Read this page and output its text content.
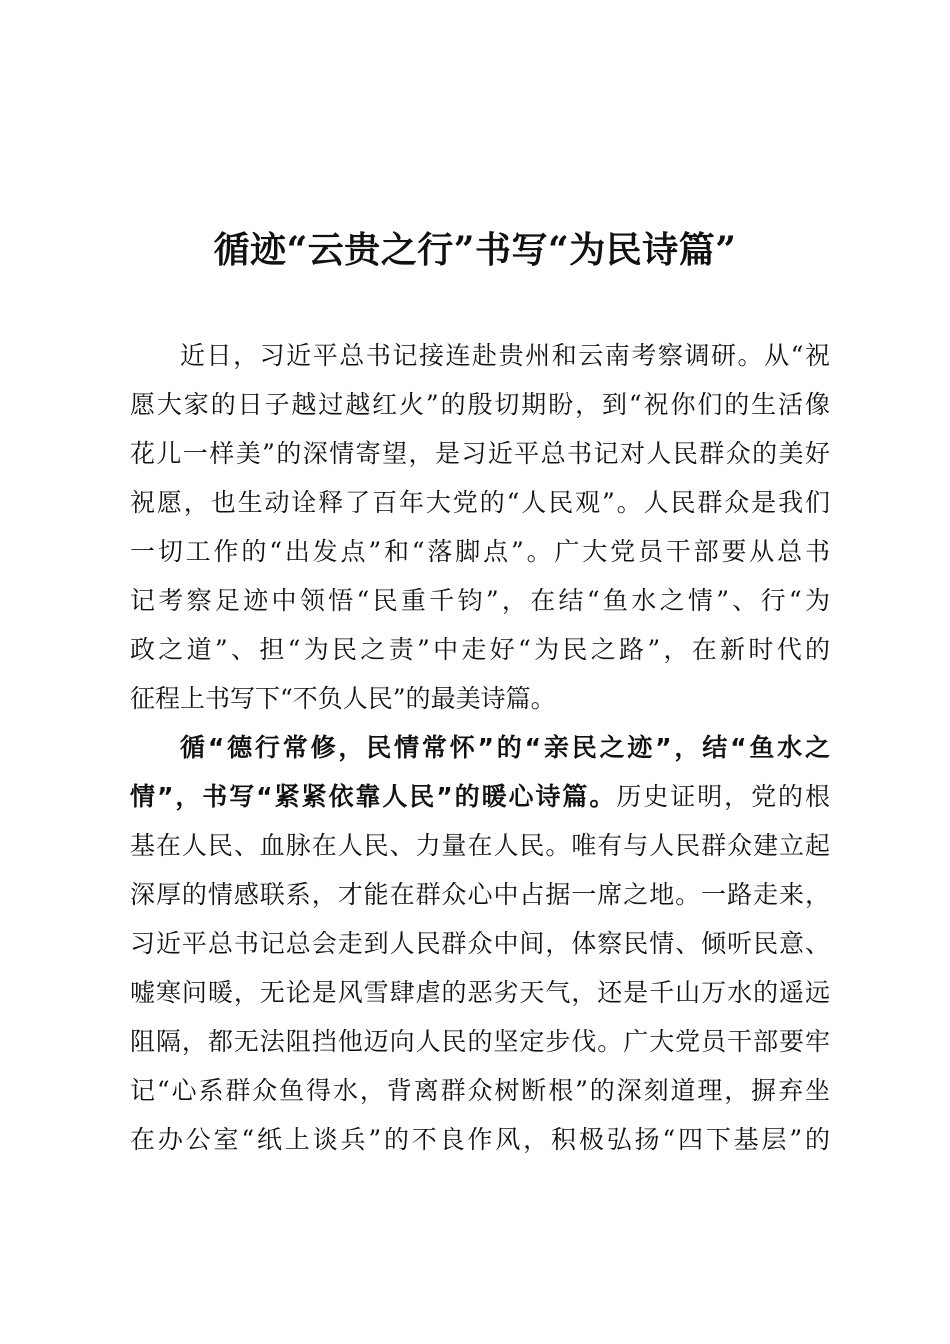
循迹“云贵之行”书写“为民诗篇”
近日，习近平总书记接连赴贵州和云南考察调研。从“祝
愿大家的日子越过越红火”的殷切期盼，到“祝你们的生活像
花儿一样美”的深情寄望，是习近平总书记对人民群众的美好
祝愿，也生动诠释了百年大党的“人民观”。人民群众是我们
一切工作的“出发点”和“落脚点”。广大党员干部要从总书
记考察足迹中领悟“民重千钧”，在结“鱼水之情”、行“为
政之道”、担“为民之责”中走好“为民之路”，在新时代的
征程上书写下“不负人民”的最美诗篇。
循“德行常修，民情常怀”的“亲民之迹”，结“鱼水之
情”，书写“紧紧依靠人民”的暖心诗篇。历史证明，党的根
基在人民、血脉在人民、力量在人民。唯有与人民群众建立起
深厚的情感联系，才能在群众心中占据一席之地。一路走来，
习近平总书记总会走到人民群众中间，体察民情、倾听民意、
嘘寒问暖，无论是风雪肆虐的恶劣天气，还是千山万水的遥远
阻隔，都无法阻挡他迈向人民的坚定步伐。广大党员干部要牢
记“心系群众鱼得水，背离群众树断根”的深刻道理，摒弃坐
在办公室“纸上谈兵”的不良作风，积极弘扬“四下基层”的
